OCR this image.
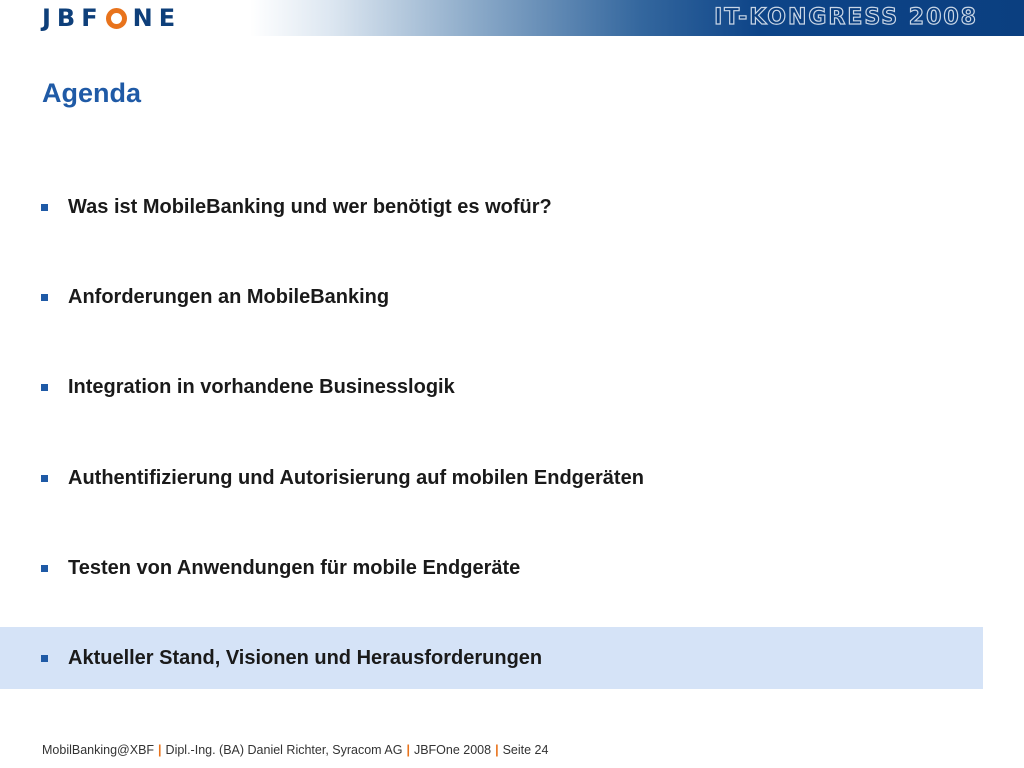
JBF NE	IT-KONGRESS 2008
Agenda
Was ist MobileBanking und wer benötigt es wofür?
Anforderungen an MobileBanking
Integration in vorhandene Businesslogik
Authentifizierung und Autorisierung auf mobilen Endgeräten
Testen von Anwendungen für mobile Endgeräte
Aktueller Stand, Visionen und Herausforderungen
MobilBanking@XBF | Dipl.-Ing. (BA) Daniel Richter, Syracom AG | JBFOne 2008 | Seite 24
